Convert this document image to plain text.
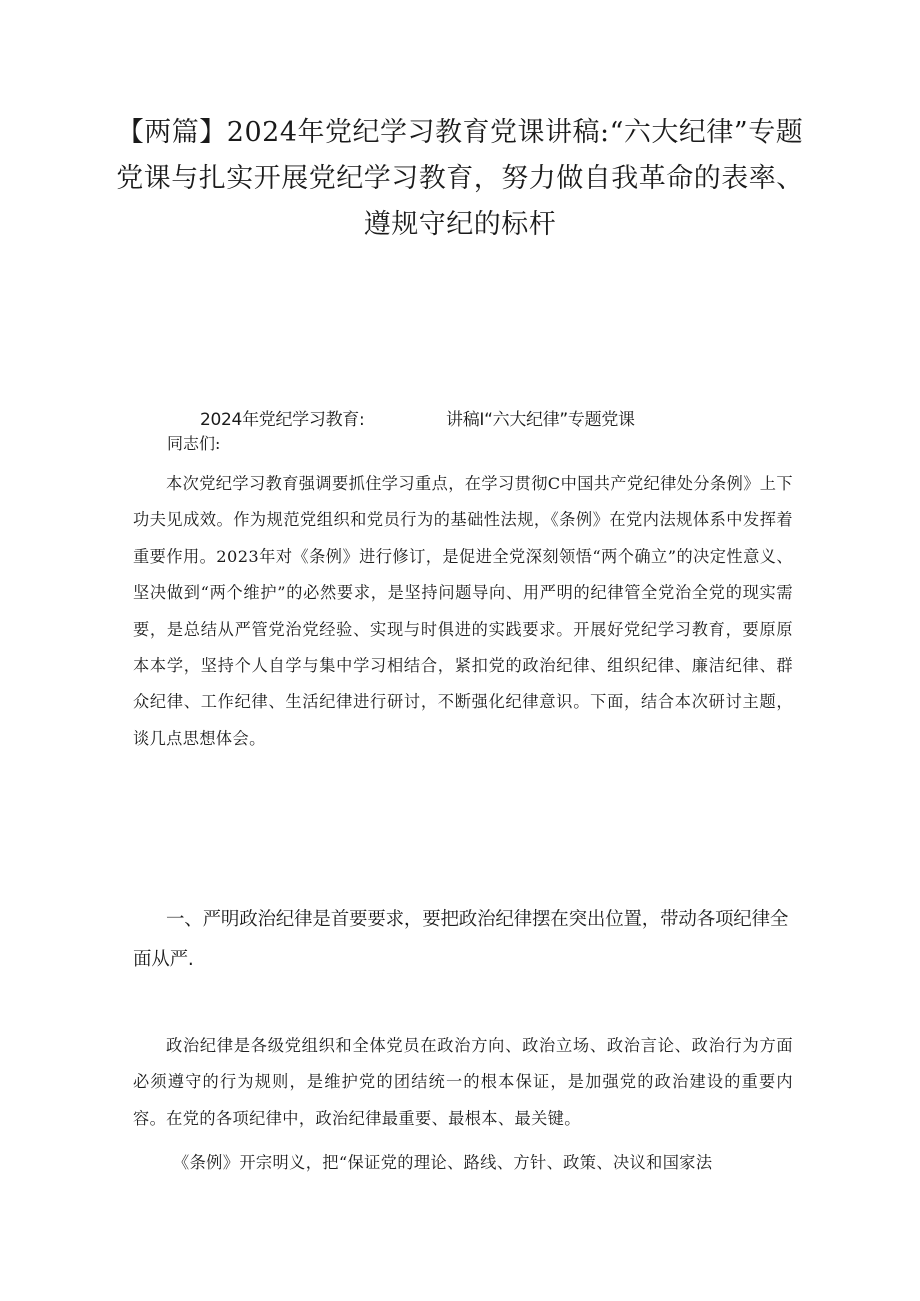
【两篇】2024年党纪学习教育党课讲稿:“六大纪律”专题党课与扎实开展党纪学习教育，努力做自我革命的表率、遵规守纪的标杆
2024年党纪学习教育:	讲稿I“六大纪律”专题党课

同志们:

本次党纪学习教育强调要抓住学习重点，在学习贯彻C中国共产党纪律处分条例》上下功夫见成效。作为规范党组织和党员行为的基础性法规，《条例》在党内法规体系中发挥着重要作用。2023年对《条例》进行修订，是促进全党深刻领悟“两个确立”的决定性意义、坚决做到“两个维护”的必然要求，是坚持问题导向、用严明的纪律管全党治全党的现实需要，是总结从严管党治党经验、实现与时俱进的实践要求。开展好党纪学习教育，要原原本本学，坚持个人自学与集中学习相结合，紧扣党的政治纪律、组织纪律、廉洁纪律、群众纪律、工作纪律、生活纪律进行研讨，不断强化纪律意识。下面，结合本次研讨主题，谈几点思想体会。

一、严明政治纪律是首要要求，要把政治纪律摆在突出位置，带动各项纪律全面从严.

政治纪律是各级党组织和全体党员在政治方向、政治立场、政治言论、政治行为方面必须遵守的行为规则，是维护党的团结统一的根本保证，是加强党的政治建设的重要内容。在党的各项纪律中，政治纪律最重要、最根本、最关键。

《条例》开宗明义，把“保证党的理论、路线、方针、政策、决议和国家法
